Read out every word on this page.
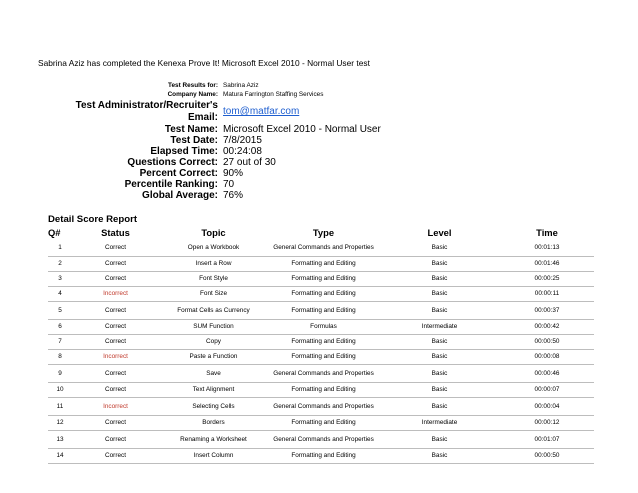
Sabrina Aziz has completed the Kenexa Prove It! Microsoft Excel 2010 - Normal User test
Test Results for: Sabrina Aziz
Company Name: Matura Farrington Staffing Services
Test Administrator/Recruiter's
Email: tom@matfar.com
Test Name: Microsoft Excel 2010 - Normal User
Test Date: 7/8/2015
Elapsed Time: 00:24:08
Questions Correct: 27 out of 30
Percent Correct: 90%
Percentile Ranking: 70
Global Average: 76%
Detail Score Report
Q#	Status	Topic	Type	Level	Time
1	Correct	Open a Workbook	General Commands and Properties	Basic	00:01:13
2	Correct	Insert a Row	Formatting and Editing	Basic	00:01:46
3	Correct	Font Style	Formatting and Editing	Basic	00:00:25
4	Incorrect	Font Size	Formatting and Editing	Basic	00:00:11
5	Correct	Format Cells as Currency	Formatting and Editing	Basic	00:00:37
6	Correct	SUM Function	Formulas	Intermediate	00:00:42
7	Correct	Copy	Formatting and Editing	Basic	00:00:50
8	Incorrect	Paste a Function	Formatting and Editing	Basic	00:00:08
9	Correct	Save	General Commands and Properties	Basic	00:00:46
10	Correct	Text Alignment	Formatting and Editing	Basic	00:00:07
11	Incorrect	Selecting Cells	General Commands and Properties	Basic	00:00:04
12	Correct	Borders	Formatting and Editing	Intermediate	00:00:12
13	Correct	Renaming a Worksheet	General Commands and Properties	Basic	00:01:07
14	Correct	Insert Column	Formatting and Editing	Basic	00:00:50
